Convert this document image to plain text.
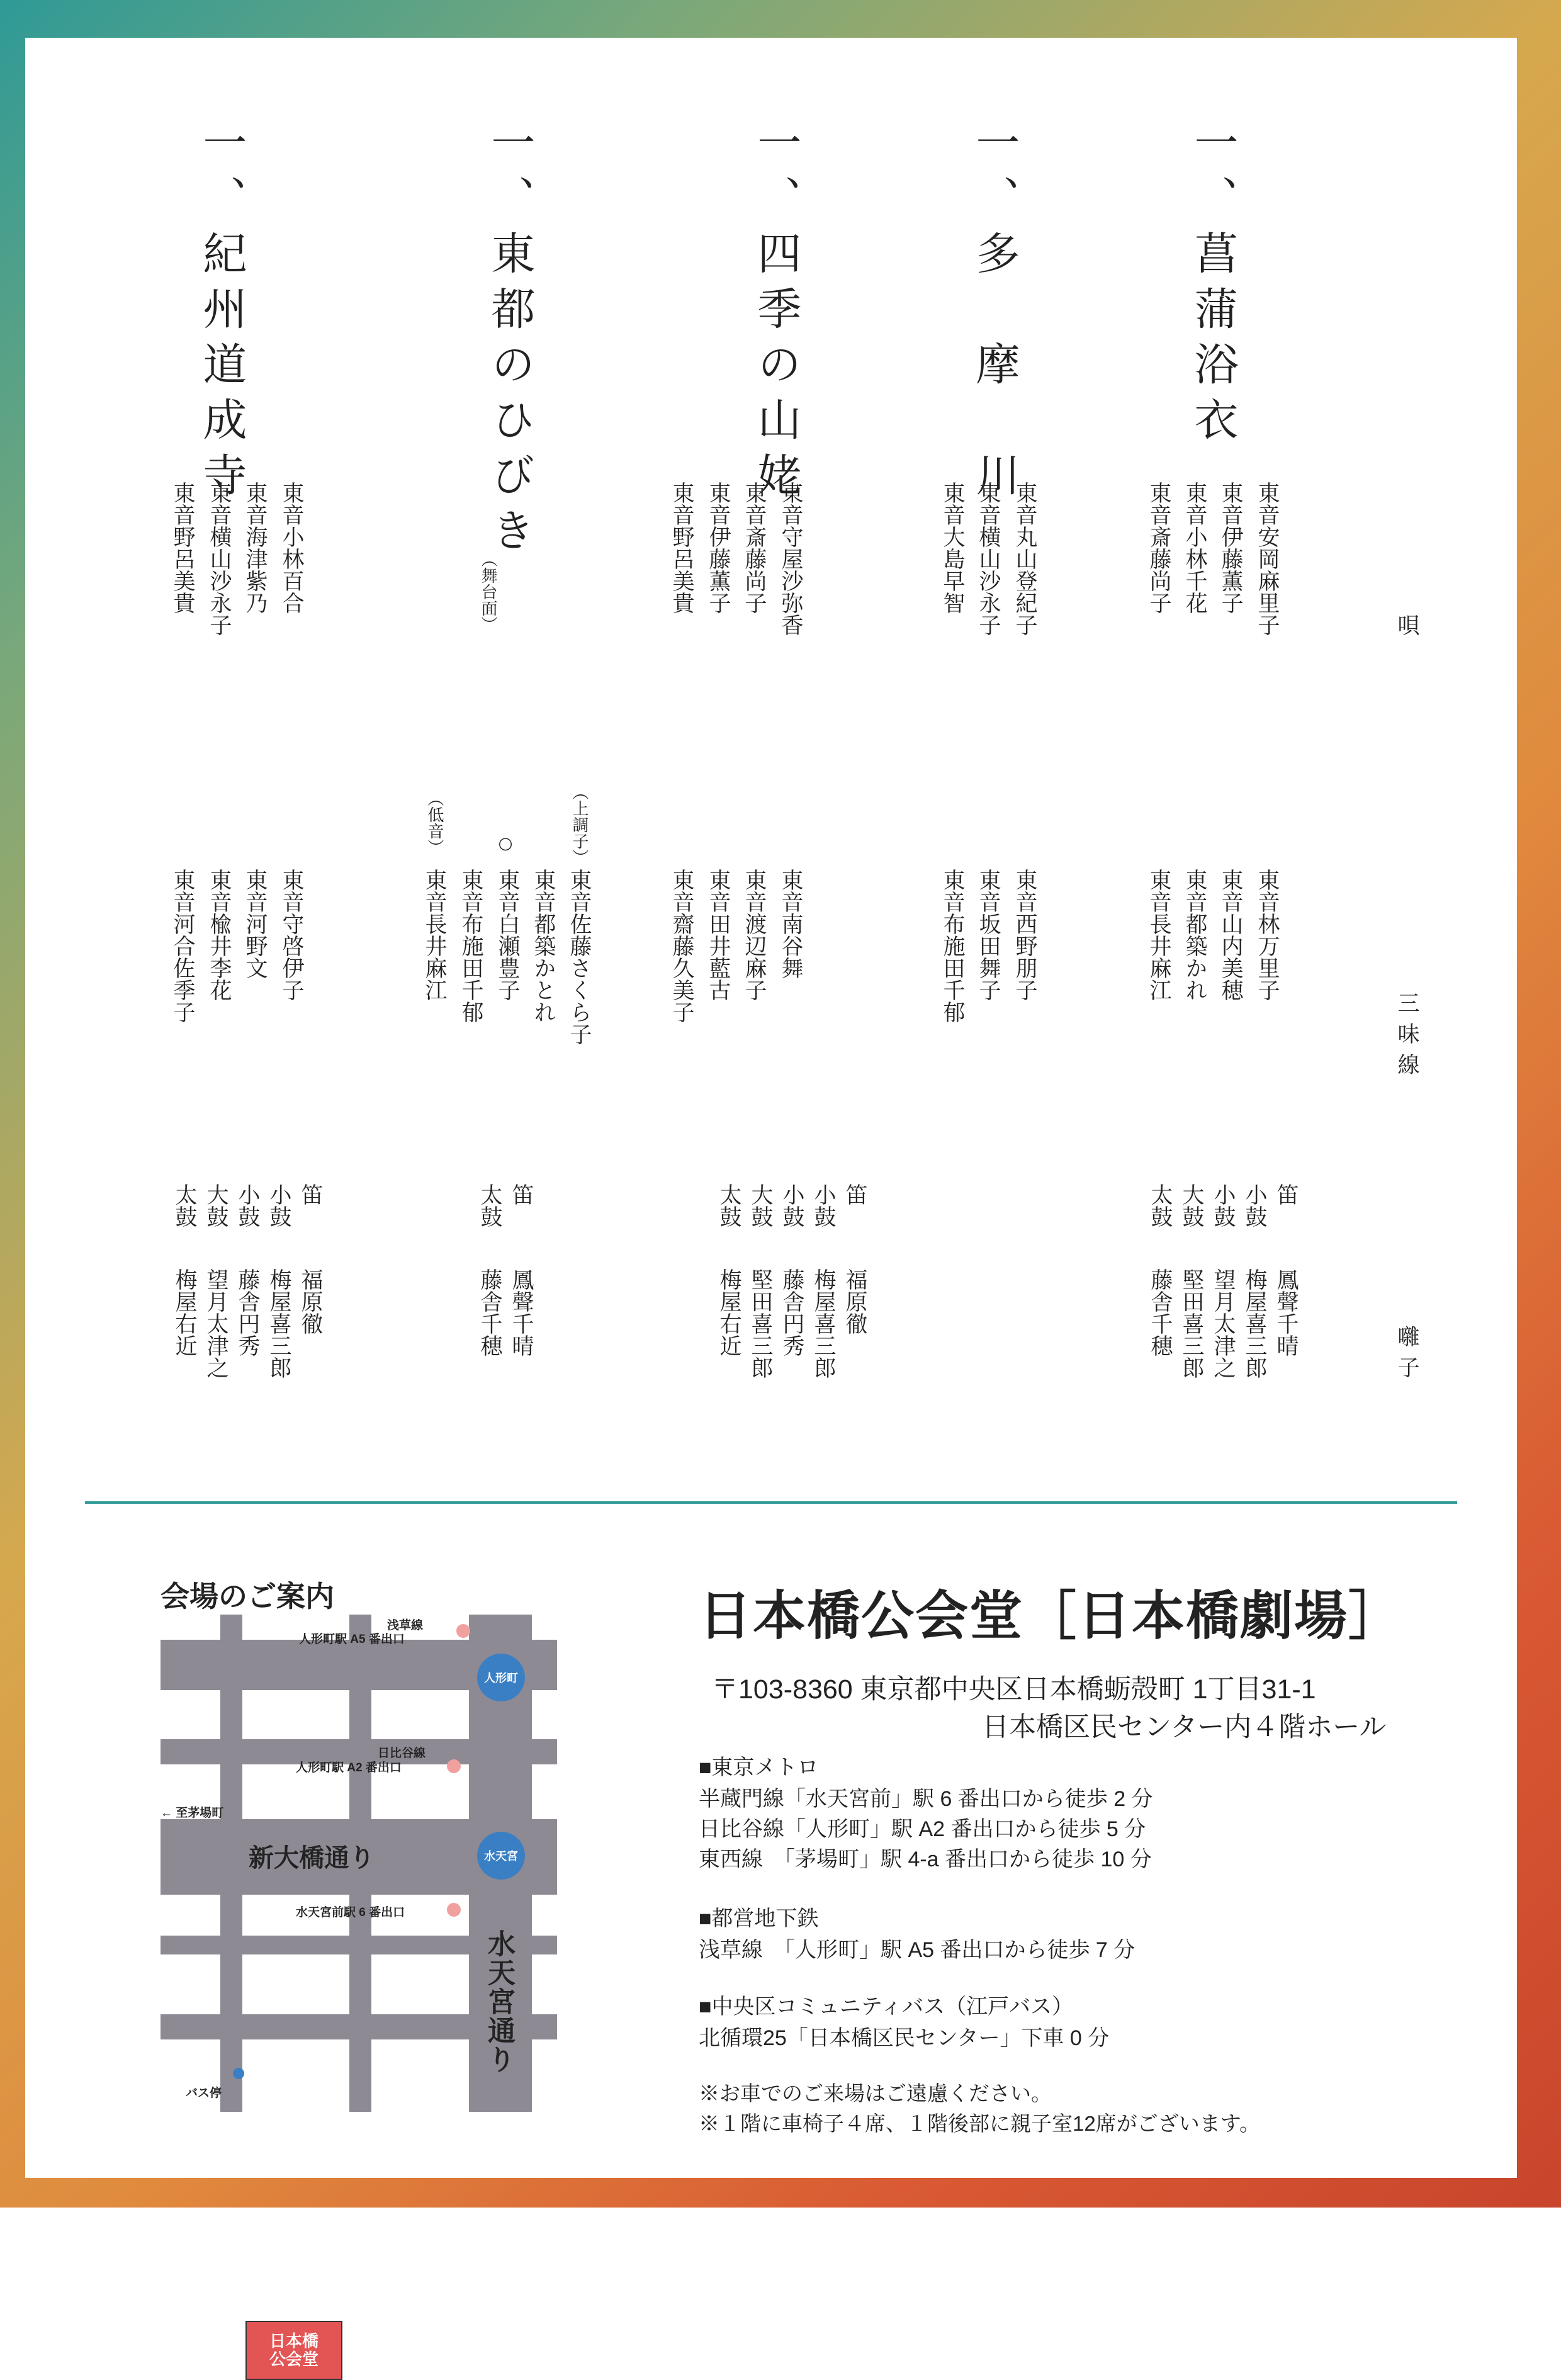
一、菖蒲浴衣
一、多　摩　川
一、四季の山姥
一、東都のひびき
（舞台面）
一、紀州道成寺
唄
三味線
囃子
東音安岡麻里子
東音伊藤薫子
東音小林千花
東音斎藤尚子
東音丸山登紀子
東音横山沙永子
東音大島早智
東音守屋沙弥香
東音斎藤尚子
東音伊藤薫子
東音野呂美貴
東音小林百合
東音海津紫乃
東音横山沙永子
東音野呂美貴
東音林万里子
東音山内美穂
東音都築かれ
東音長井麻江
東音西野朋子
東音坂田舞子
東音布施田千郁
東音南谷舞
東音渡辺麻子
東音田井藍古
東音齋藤久美子
（上調子）
○
（低音）
東音佐藤さくら子
東音都築かとれ
東音白瀬豊子
東音布施田千郁
東音長井麻江
東音守啓伊子
東音河野文
東音楡井李花
東音河合佐季子
笛
鳳聲千晴
小鼓
梅屋喜三郎
小鼓
望月太津之
大鼓
堅田喜三郎
太鼓
藤舎千穂
笛
福原徹
小鼓
梅屋喜三郎
小鼓
藤舎円秀
大鼓
堅田喜三郎
太鼓
梅屋右近
笛
鳳聲千晴
太鼓
藤舎千穂
笛
福原徹
小鼓
梅屋喜三郎
小鼓
藤舎円秀
大鼓
望月太津之
太鼓
梅屋右近
会場のご案内
浅草線
人形町駅 A5 番出口
人形町
日比谷線
人形町駅 A2 番出口
← 至茅場町
新大橋通り	水天宮
水天宮前駅 6 番出口
水天宮通り
日本橋
公会堂
バス停
日本橋公会堂［日本橋劇場］
〒103-8360 東京都中央区日本橋蛎殻町 1丁目31-1
日本橋区民センター内４階ホール
■東京メトロ
半蔵門線「水天宮前」駅 6 番出口から徒歩 2 分
日比谷線「人形町」駅 A2 番出口から徒歩 5 分
東西線　「茅場町」駅 4-a 番出口から徒歩 10 分
■都営地下鉄
浅草線　「人形町」駅 A5 番出口から徒歩 7 分
■中央区コミュニティバス（江戸バス）
北循環25「日本橋区民センター」下車 0 分
※お車でのご来場はご遠慮ください。
※１階に車椅子４席、１階後部に親子室12席がございます。
